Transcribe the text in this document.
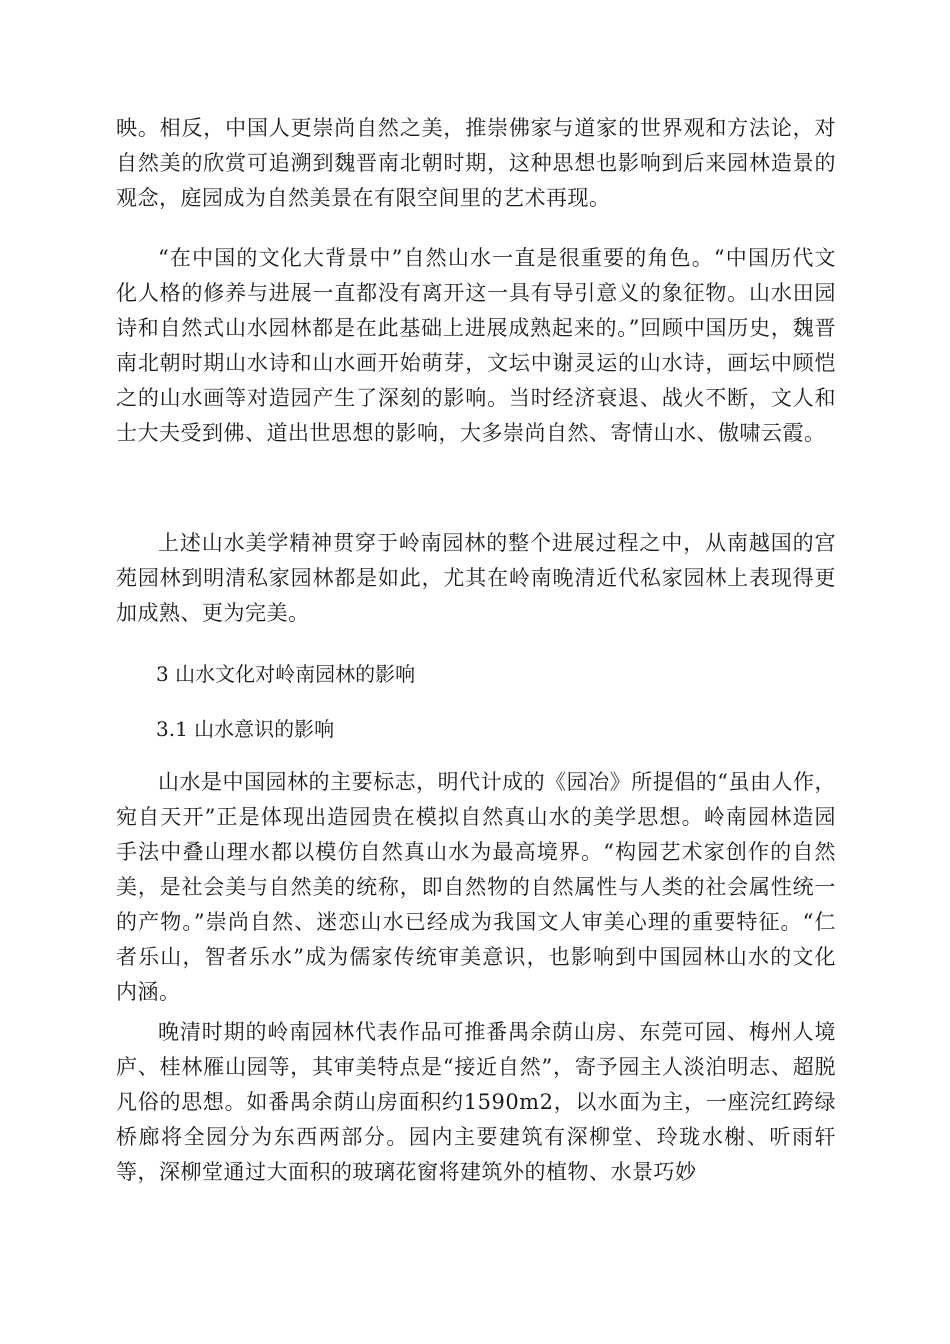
映。相反，中国人更崇尚自然之美，推崇佛家与道家的世界观和方法论，对自然美的欣赏可追溯到魏晋南北朝时期，这种思想也影响到后来园林造景的观念，庭园成为自然美景在有限空间里的艺术再现。

“在中国的文化大背景中”自然山水一直是很重要的角色。“中国历代文化人格的修养与进展一直都没有离开这一具有导引意义的象征物。山水田园诗和自然式山水园林都是在此基础上进展成熟起来的。”回顾中国历史，魏晋南北朝时期山水诗和山水画开始萌芽，文坛中谢灵运的山水诗，画坛中顾恺之的山水画等对造园产生了深刻的影响。当时经济衰退、战火不断，文人和士大夫受到佛、道出世思想的影响，大多崇尚自然、寄情山水、傲啸云霞。

上述山水美学精神贯穿于岭南园林的整个进展过程之中，从南越国的宫苑园林到明清私家园林都是如此，尤其在岭南晚清近代私家园林上表现得更加成熟、更为完美。

3 山水文化对岭南园林的影响

3.1 山水意识的影响

山水是中国园林的主要标志，明代计成的《园冶》所提倡的“虽由人作，宛自天开”正是体现出造园贵在模拟自然真山水的美学思想。岭南园林造园手法中叠山理水都以模仿自然真山水为最高境界。“构园艺术家创作的自然美，是社会美与自然美的统称，即自然物的自然属性与人类的社会属性统一的产物。”崇尚自然、迷恋山水已经成为我国文人审美心理的重要特征。“仁者乐山，智者乐水”成为儒家传统审美意识，也影响到中国园林山水的文化内涵。

晚清时期的岭南园林代表作品可推番禺余荫山房、东莞可园、梅州人境庐、桂林雁山园等，其审美特点是“接近自然”，寄予园主人淡泊明志、超脱凡俗的思想。如番禺余荫山房面积约1590m2，以水面为主，一座浣红跨绿桥廊将全园分为东西两部分。园内主要建筑有深柳堂、玲珑水榭、听雨轩等，深柳堂通过大面积的玻璃花窗将建筑外的植物、水景巧妙
